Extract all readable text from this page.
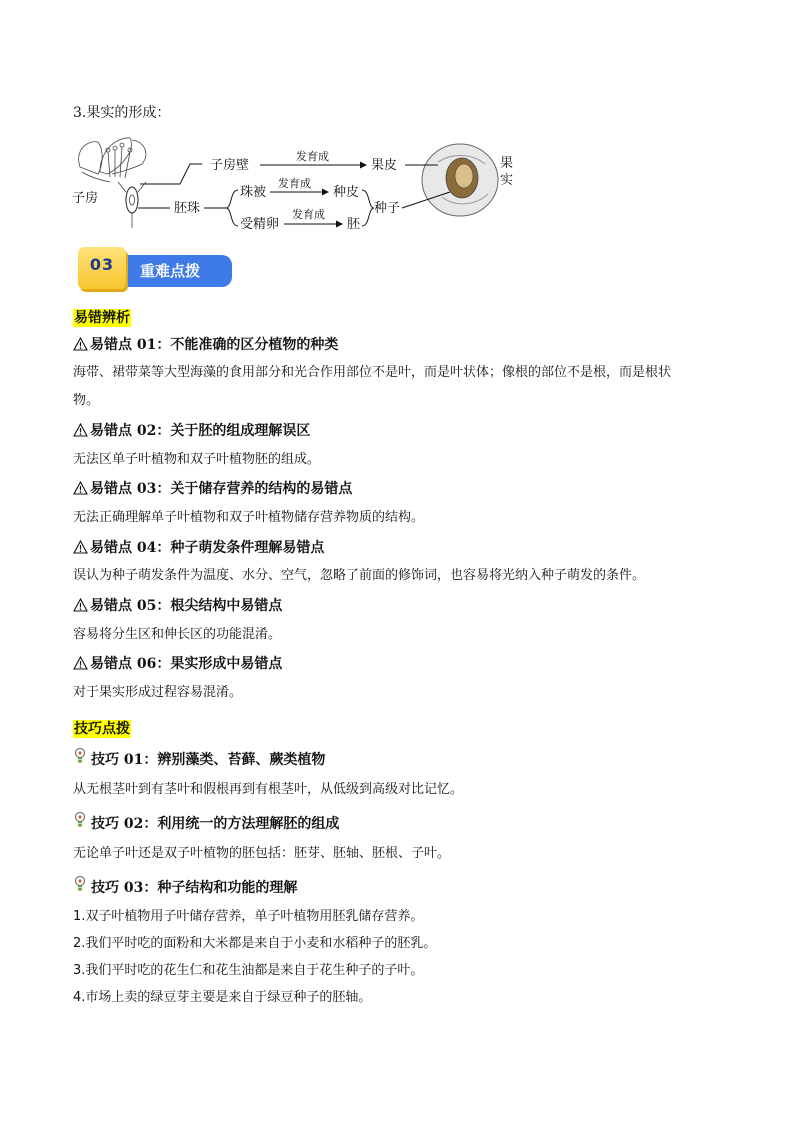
3.果实的形成：
子房
子房壁
发育成
果皮	果
实
胚珠
珠被
发育成
种皮
受精卵
发育成
胚
种子
重难点拨
03
易错辨析
易错点 01：不能准确的区分植物的种类
海带、裙带菜等大型海藻的食用部分和光合作用部位不是叶，而是叶状体；像根的部位不是根，而是根状
物。
易错点 02：关于胚的组成理解误区
无法区单子叶植物和双子叶植物胚的组成。
易错点 03：关于储存营养的结构的易错点
无法正确理解单子叶植物和双子叶植物储存营养物质的结构。
易错点 04：种子萌发条件理解易错点
误认为种子萌发条件为温度、水分、空气，忽略了前面的修饰词，也容易将光纳入种子萌发的条件。
易错点 05：根尖结构中易错点
容易将分生区和伸长区的功能混淆。
易错点 06：果实形成中易错点
对于果实形成过程容易混淆。
技巧点拨
技巧 01：辨别藻类、苔藓、蕨类植物
从无根茎叶到有茎叶和假根再到有根茎叶，从低级到高级对比记忆。
技巧 02：利用统一的方法理解胚的组成
无论单子叶还是双子叶植物的胚包括：胚芽、胚轴、胚根、子叶。
技巧 03：种子结构和功能的理解
1.双子叶植物用子叶储存营养，单子叶植物用胚乳储存营养。
2.我们平时吃的面粉和大米都是来自于小麦和水稻种子的胚乳。
3.我们平时吃的花生仁和花生油都是来自于花生种子的子叶。
4.市场上卖的绿豆芽主要是来自于绿豆种子的胚轴。
